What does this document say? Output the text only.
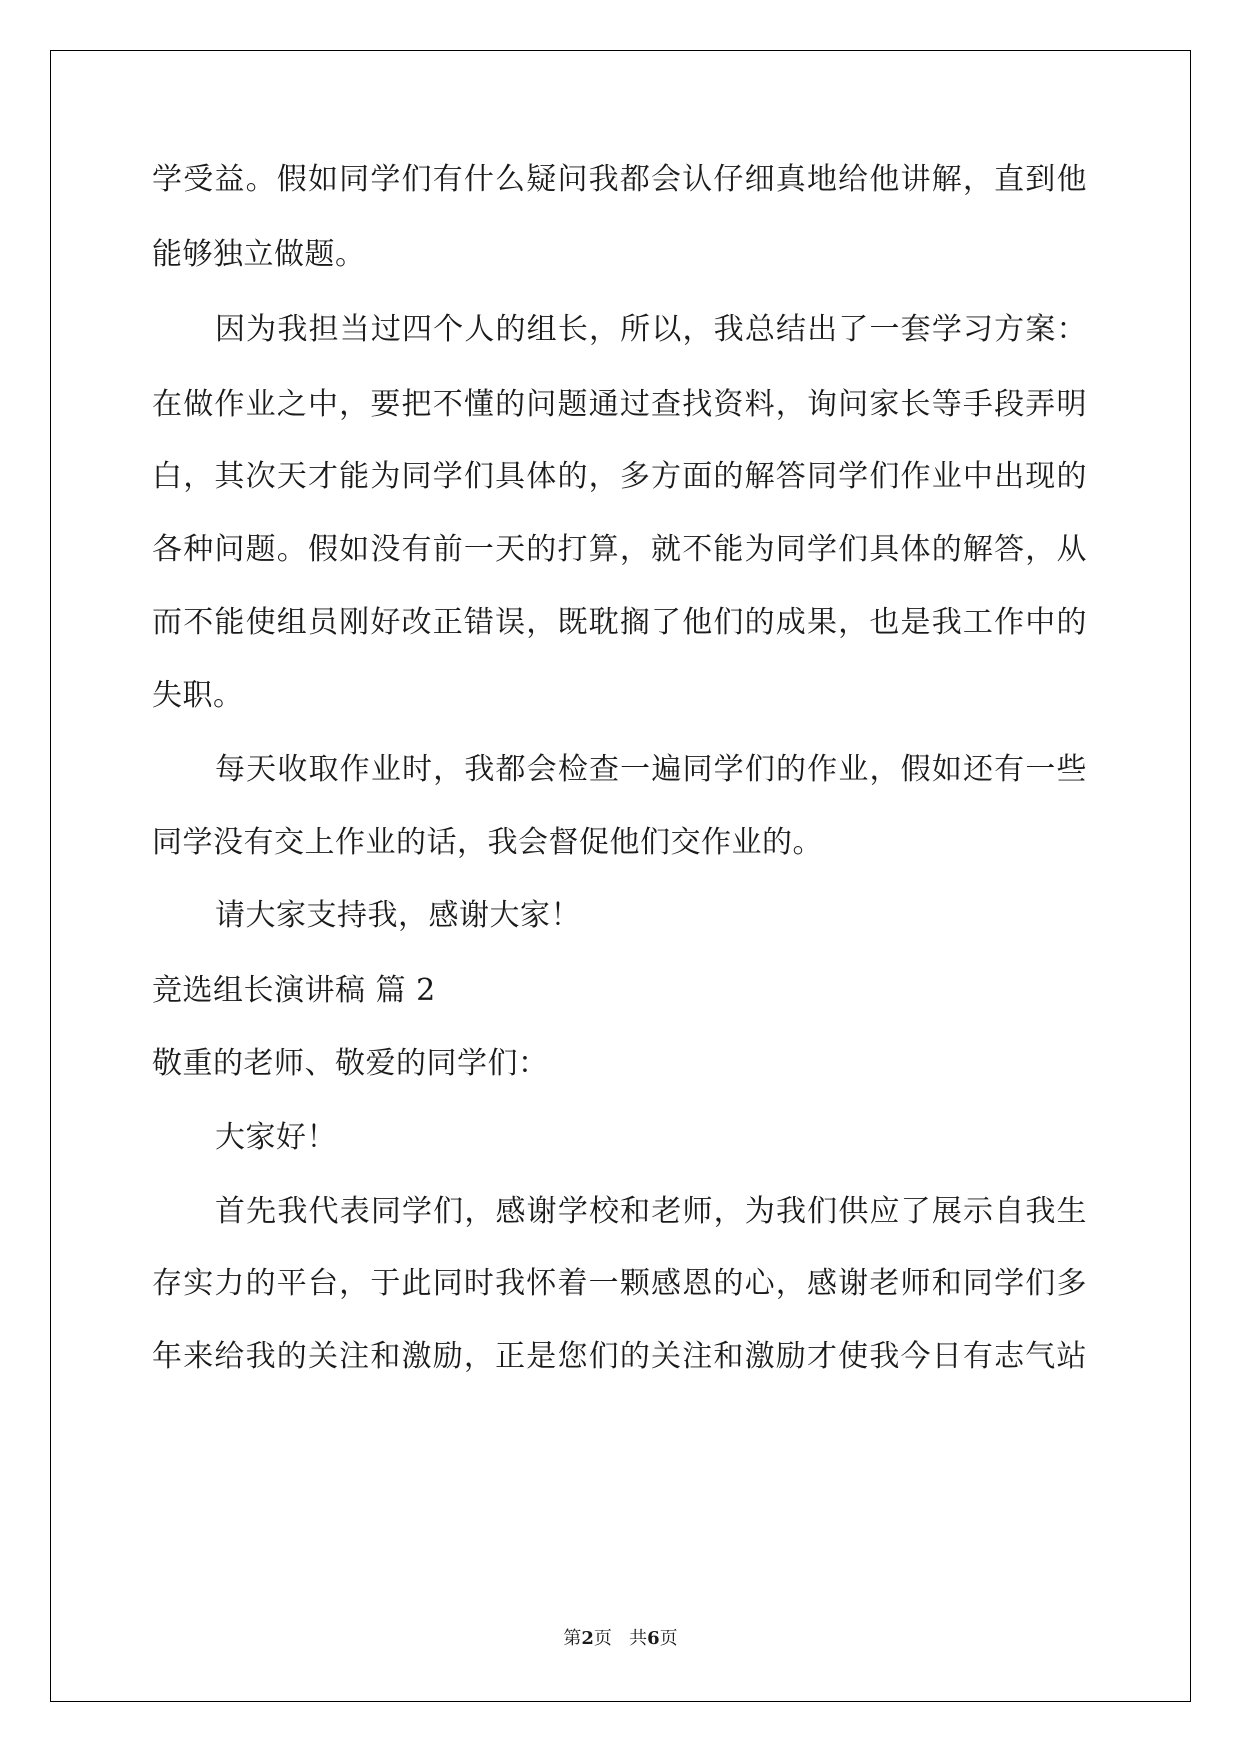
学受益。假如同学们有什么疑问我都会认仔细真地给他讲解，直到他
能够独立做题。
因为我担当过四个人的组长，所以，我总结出了一套学习方案：
在做作业之中，要把不懂的问题通过查找资料，询问家长等手段弄明
白，其次天才能为同学们具体的，多方面的解答同学们作业中出现的
各种问题。假如没有前一天的打算，就不能为同学们具体的解答，从
而不能使组员刚好改正错误，既耽搁了他们的成果，也是我工作中的
失职。
每天收取作业时，我都会检查一遍同学们的作业，假如还有一些
同学没有交上作业的话，我会督促他们交作业的。
请大家支持我，感谢大家！
竞选组长演讲稿 篇 2
敬重的老师、敬爱的同学们：
大家好！
首先我代表同学们，感谢学校和老师，为我们供应了展示自我生
存实力的平台，于此同时我怀着一颗感恩的心，感谢老师和同学们多
年来给我的关注和激励，正是您们的关注和激励才使我今日有志气站
第2页   共6页
